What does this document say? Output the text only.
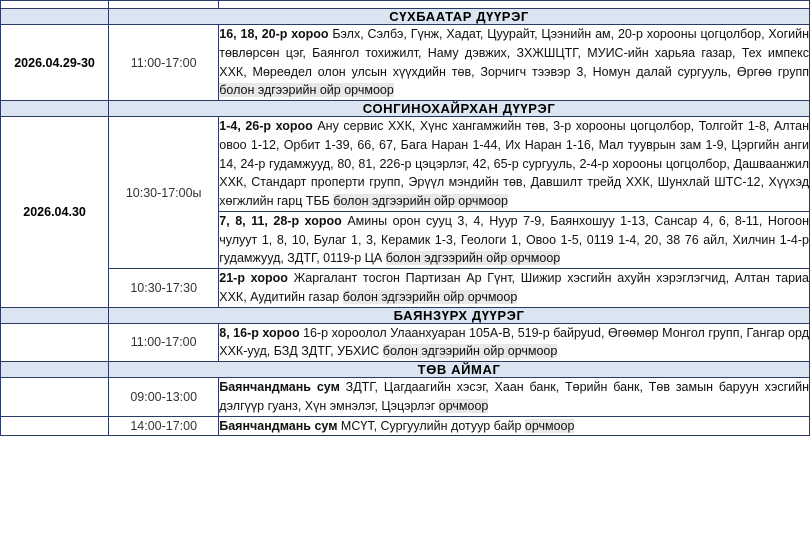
	СҮХБААТАР ДҮҮРЭГ	
2026.04.29-30	11:00-17:00	16, 18, 20-р хороо Бэлх, Сэлбэ, Гүнж, Хадат, Цуурайт, Цээнийн ам, 20-р хорооны цогцолбор, Хогийн төвлөрсөн цэг, Баянгол тохижилт, Наму дэвжих, ЗХЖШЦТГ, МУИС-ийн харьяа газар, Тех импекс ХХК, Мөреөдел олон улсын хүүхдийн төв, Зорчигч тээвэр 3, Номун далай сургууль, Өргөө групп болон эдгээрийн ойр орчмоор
	СОНГИНОХАЙРХАН ДҮҮРЭГ	
2026.04.30	10:30-17:00ы	1-4, 26-р хороо Ану сервис ХХК, Хүнс хангамжийн төв, 3-р хорооны цогцолбор, Толгойт 1-8, Алтан овоо 1-12, Орбит 1-39, 66, 67, Бага Наран 1-44, Их Наран 1-16, Мал тууврын зам 1-9, Цэргийн анги 14, 24-р гудамжууд, 80, 81, 226-р цэцэрлэг, 42, 65-р сургууль, 2-4-р хорооны цогцолбор, Дашваанжил ХХК, Стандарт проперти групп, Эрүүл мэндийн төв, Давшилт трейд ХХК, Шунхлай ШТС-12, Хүүхэд хөгжлийн гарц ТББ болон эдгээрийн ойр орчмоор
		7, 8, 11, 28-р хороо Амины орон сууц 3, 4, Нуур 7-9, Баянхошуу 1-13, Сансар 4, 6, 8-11, Ногоон чулуут 1, 8, 10, Булаг 1, 3, Керамик 1-3, Геологи 1, Овоо 1-5, 0119 1-4, 20, 38 76 айл, Хилчин 1-4-р гудамжууд, ЗДТГ, 0119-р ЦА болон эдгээрийн ойр орчмоор
	10:30-17:30	21-р хороо Жаргалант тосгон Партизан Ар Гүнт, Шижир хэсгийн ахуйн хэрэглэгчид, Алтан тариа ХХК, Аудитийн газар болон эдгээрийн ойр орчмоор
	БАЯНЗҮРХ ДҮҮРЭГ	
	11:00-17:00	8, 16-р хороо 16-р хороолол Улаанхуаран 105А-В, 519-р байруud, Өгөөмөр Монгол групп, Гангар орд ХХК-ууд, БЗД ЗДТГ, УБХИС болон эдгээрийн ойр орчмоор
	ТӨВ АЙМАГ	
	09:00-13:00	Баянчандмань сум ЗДТГ, Цагдаагийн хэсэг, Хаан банк, Төрийн банк, Төв замын баруун хэсгийн дэлгүүр гуанз, Хүн эмнэлэг, Цэцэрлэг орчмоор
	14:00-17:00	Баянчандмань сум МСҮТ, Сургуулийн дотуур байр орчмоор
